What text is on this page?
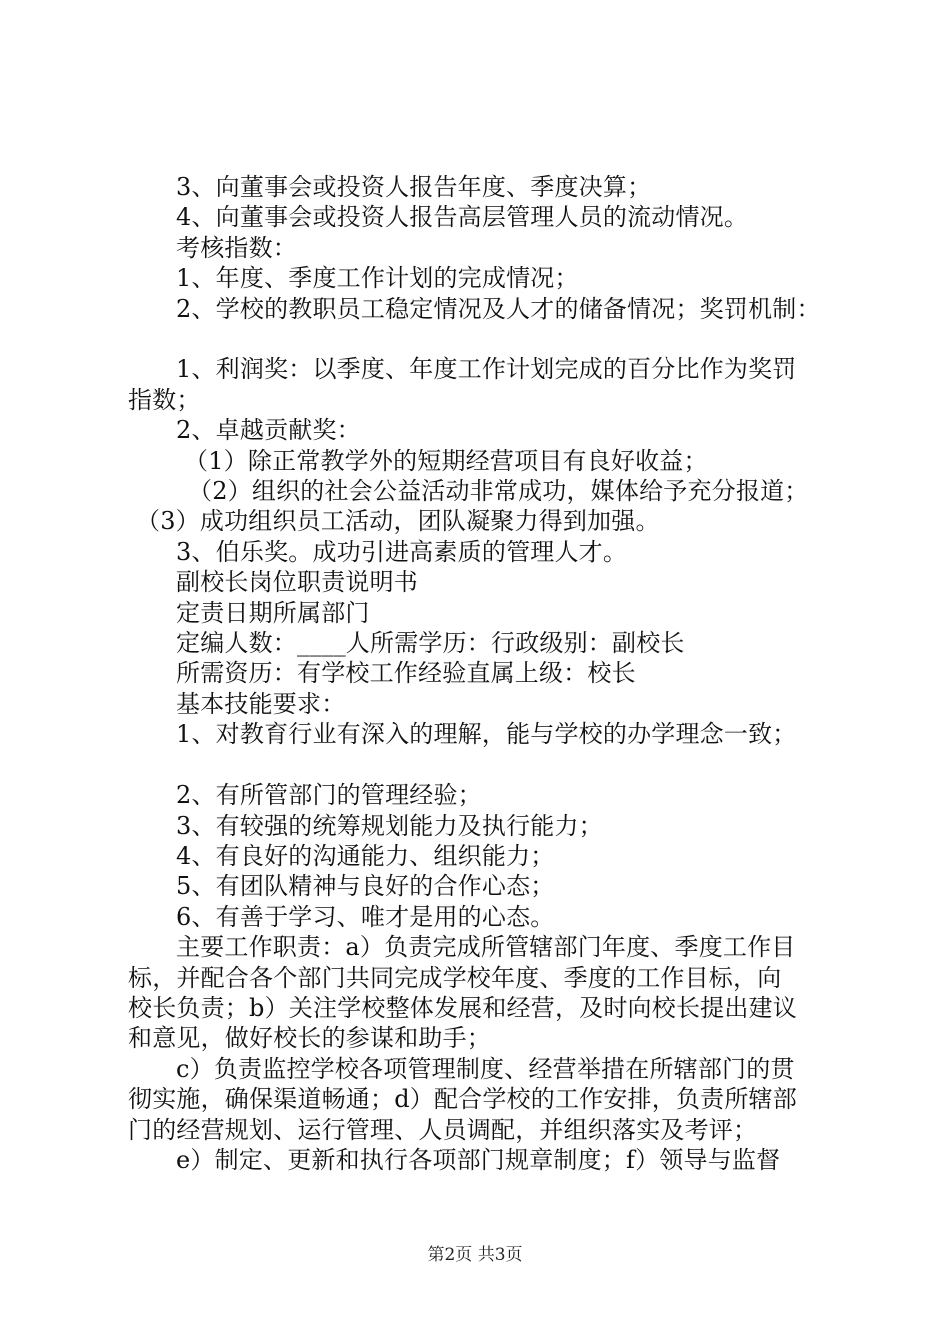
3、向董事会或投资人报告年度、季度决算；
4、向董事会或投资人报告高层管理人员的流动情况。
考核指数：
1、年度、季度工作计划的完成情况；
2、学校的教职员工稳定情况及人才的储备情况；奖罚机制：
1、利润奖：以季度、年度工作计划完成的百分比作为奖罚
指数；
2、卓越贡献奖：
（1）除正常教学外的短期经营项目有良好收益；
（2）组织的社会公益活动非常成功，媒体给予充分报道；
（3）成功组织员工活动，团队凝聚力得到加强。
3、伯乐奖。成功引进高素质的管理人才。
副校长岗位职责说明书
定责日期所属部门
定编人数：____人所需学历：行政级别：副校长
所需资历：有学校工作经验直属上级：校长
基本技能要求：
1、对教育行业有深入的理解，能与学校的办学理念一致；
2、有所管部门的管理经验；
3、有较强的统筹规划能力及执行能力；
4、有良好的沟通能力、组织能力；
5、有团队精神与良好的合作心态；
6、有善于学习、唯才是用的心态。
主要工作职责：a）负责完成所管辖部门年度、季度工作目
标，并配合各个部门共同完成学校年度、季度的工作目标，向
校长负责；b）关注学校整体发展和经营，及时向校长提出建议
和意见，做好校长的参谋和助手；
c）负责监控学校各项管理制度、经营举措在所辖部门的贯
彻实施，确保渠道畅通；d）配合学校的工作安排，负责所辖部
门的经营规划、运行管理、人员调配，并组织落实及考评；
e）制定、更新和执行各项部门规章制度；f）领导与监督
第2页 共3页
